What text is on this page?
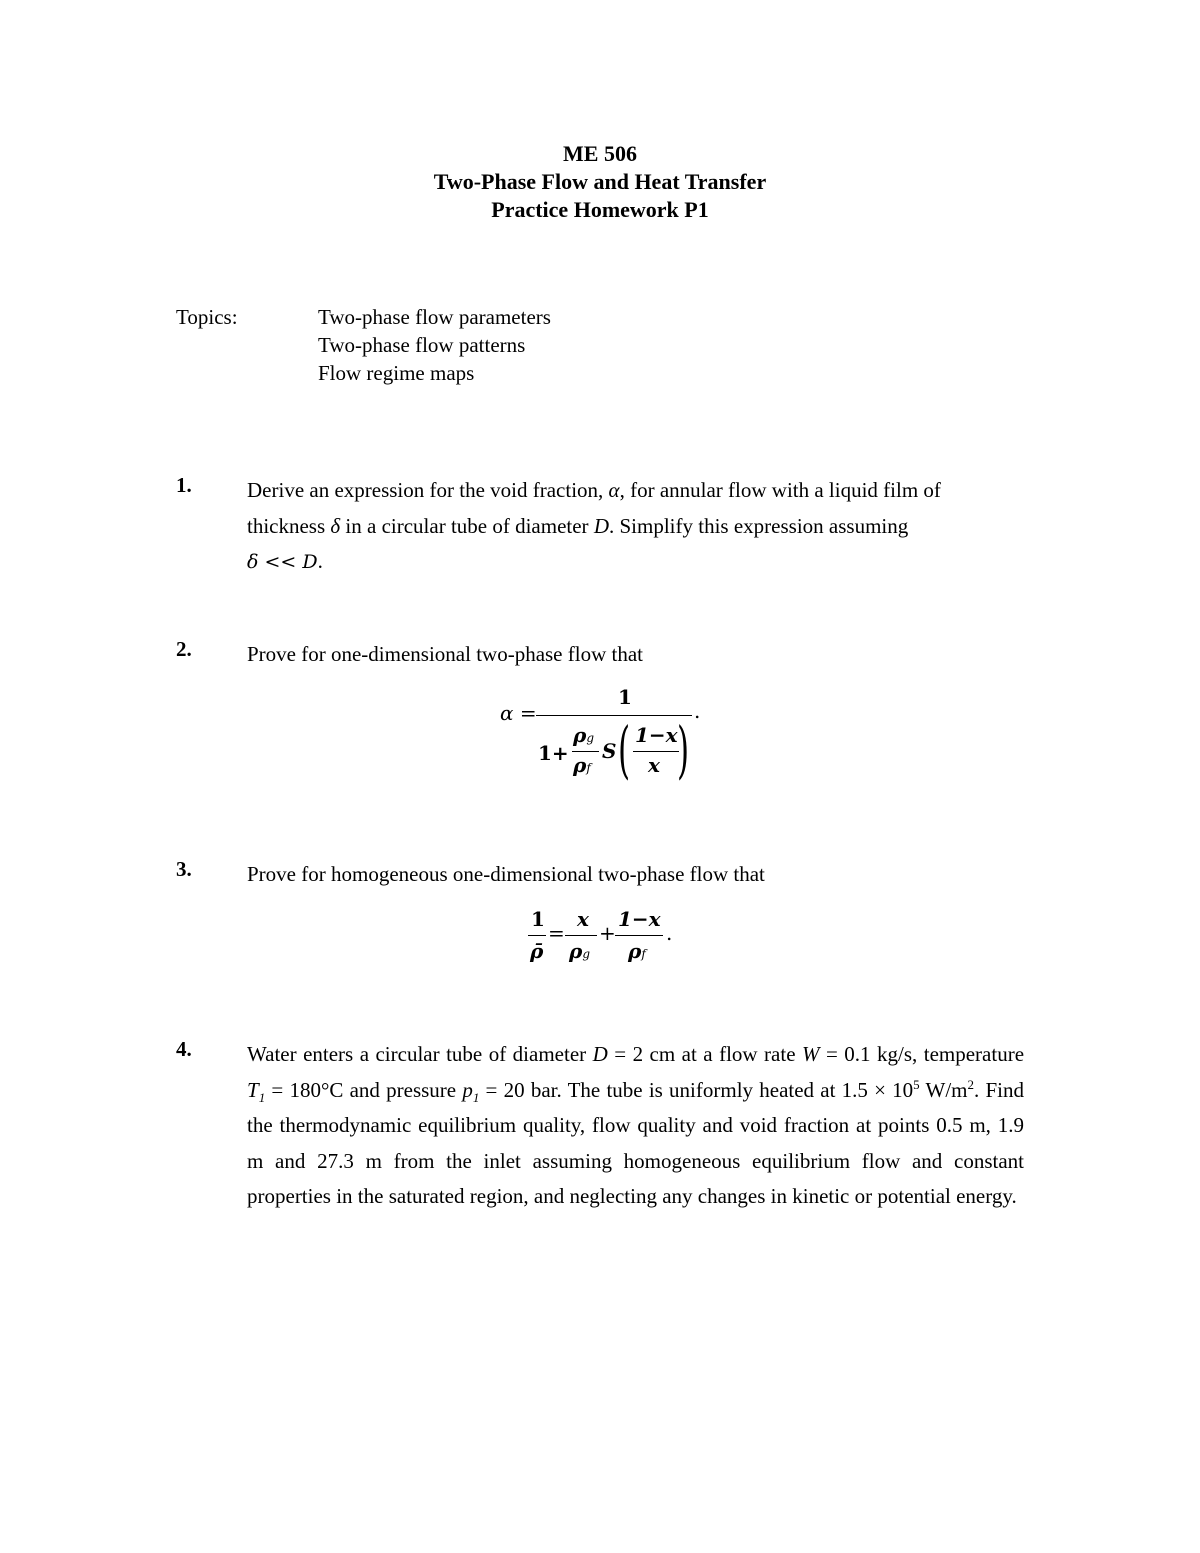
ME 506
Two-Phase Flow and Heat Transfer
Practice Homework P1
Topics:	Two-phase flow parameters
Two-phase flow patterns
Flow regime maps
1.	Derive an expression for the void fraction, α, for annular flow with a liquid film of thickness δ in a circular tube of diameter D. Simplify this expression assuming
δ << D.
2.	Prove for one-dimensional two-phase flow that
α =
1
1+
ρg
ρf
S ( 1−x
x )
.
3.	Prove for homogeneous one-dimensional two-phase flow that
1
ρ̄
=
x
ρg
+
1−x
ρf
.
4.	Water enters a circular tube of diameter D = 2 cm at a flow rate W = 0.1 kg/s, temperature $T_1 = 180^\circ C$ and pressure $p_1 = 20$ bar. The tube is uniformly heated at $1.5 \times 10^5$ $W/m^2$. Find the thermodynamic equilibrium quality, flow quality and void fraction at points 0.5 m, 1.9 m and 27.3 m from the inlet assuming homogeneous equilibrium flow and constant properties in the saturated region, and neglecting any changes in kinetic or potential energy.
